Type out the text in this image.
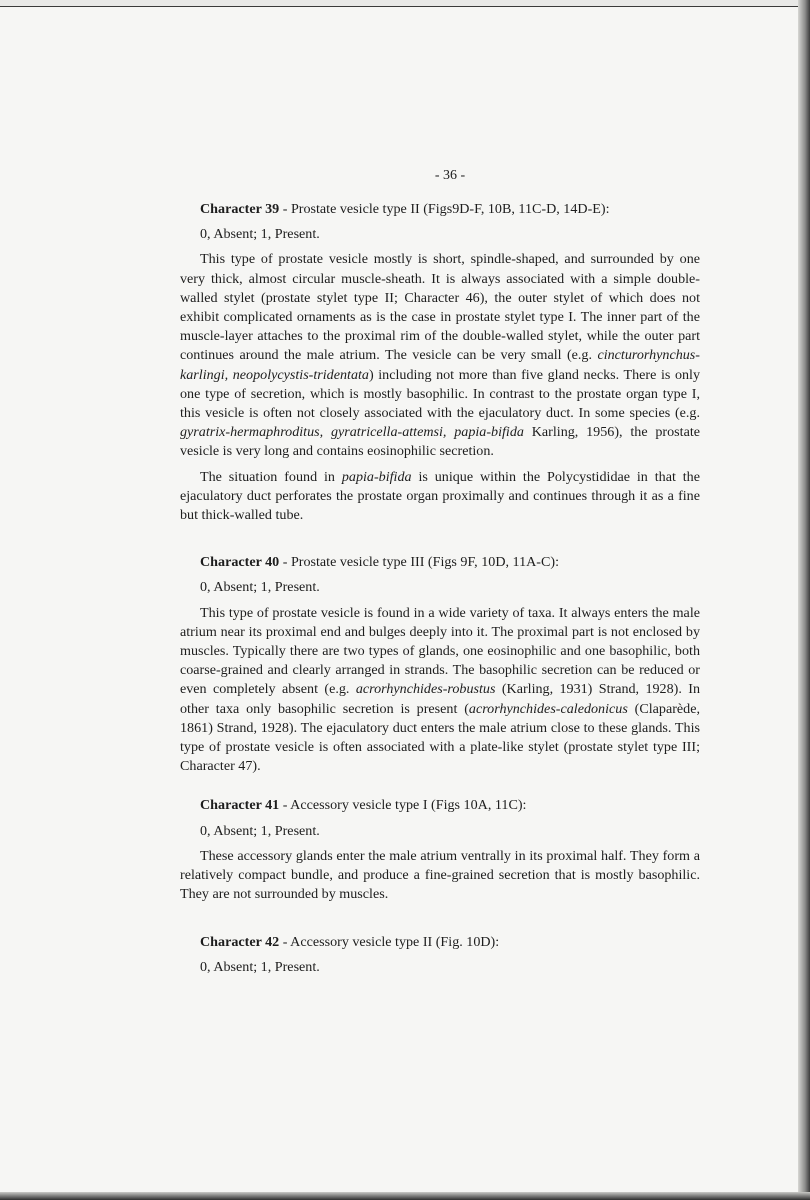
- 36 -

Character 39 - Prostate vesicle type II (Figs9D-F, 10B, 11C-D, 14D-E):

0, Absent; 1, Present.

This type of prostate vesicle mostly is short, spindle-shaped, and surrounded by one very thick, almost circular muscle-sheath. It is always associated with a simple double-walled stylet (prostate stylet type II; Character 46), the outer stylet of which does not exhibit complicated ornaments as is the case in prostate stylet type I. The inner part of the muscle-layer attaches to the proximal rim of the double-walled stylet, while the outer part continues around the male atrium. The vesicle can be very small (e.g. cincturorhynchus-karlingi, neopolycystis-tridentata) including not more than five gland necks. There is only one type of secretion, which is mostly basophilic. In contrast to the prostate organ type I, this vesicle is often not closely associated with the ejaculatory duct. In some species (e.g. gyratrix-hermaphroditus, gyratricella-attemsi, papia-bifida Karling, 1956), the prostate vesicle is very long and contains eosinophilic secretion.

The situation found in papia-bifida is unique within the Polycystididae in that the ejaculatory duct perforates the prostate organ proximally and continues through it as a fine but thick-walled tube.

Character 40 - Prostate vesicle type III (Figs 9F, 10D, 11A-C):

0, Absent; 1, Present.

This type of prostate vesicle is found in a wide variety of taxa. It always enters the male atrium near its proximal end and bulges deeply into it. The proximal part is not enclosed by muscles. Typically there are two types of glands, one eosinophilic and one basophilic, both coarse-grained and clearly arranged in strands. The basophilic secretion can be reduced or even completely absent (e.g. acrorhynchides-robustus (Karling, 1931) Strand, 1928). In other taxa only basophilic secretion is present (acrorhynchides-caledonicus (Claparède, 1861) Strand, 1928). The ejaculatory duct enters the male atrium close to these glands. This type of prostate vesicle is often associated with a plate-like stylet (prostate stylet type III; Character 47).

Character 41 - Accessory vesicle type I (Figs 10A, 11C):

0, Absent; 1, Present.

These accessory glands enter the male atrium ventrally in its proximal half. They form a relatively compact bundle, and produce a fine-grained secretion that is mostly basophilic. They are not surrounded by muscles.

Character 42 - Accessory vesicle type II (Fig. 10D):

0, Absent; 1, Present.
